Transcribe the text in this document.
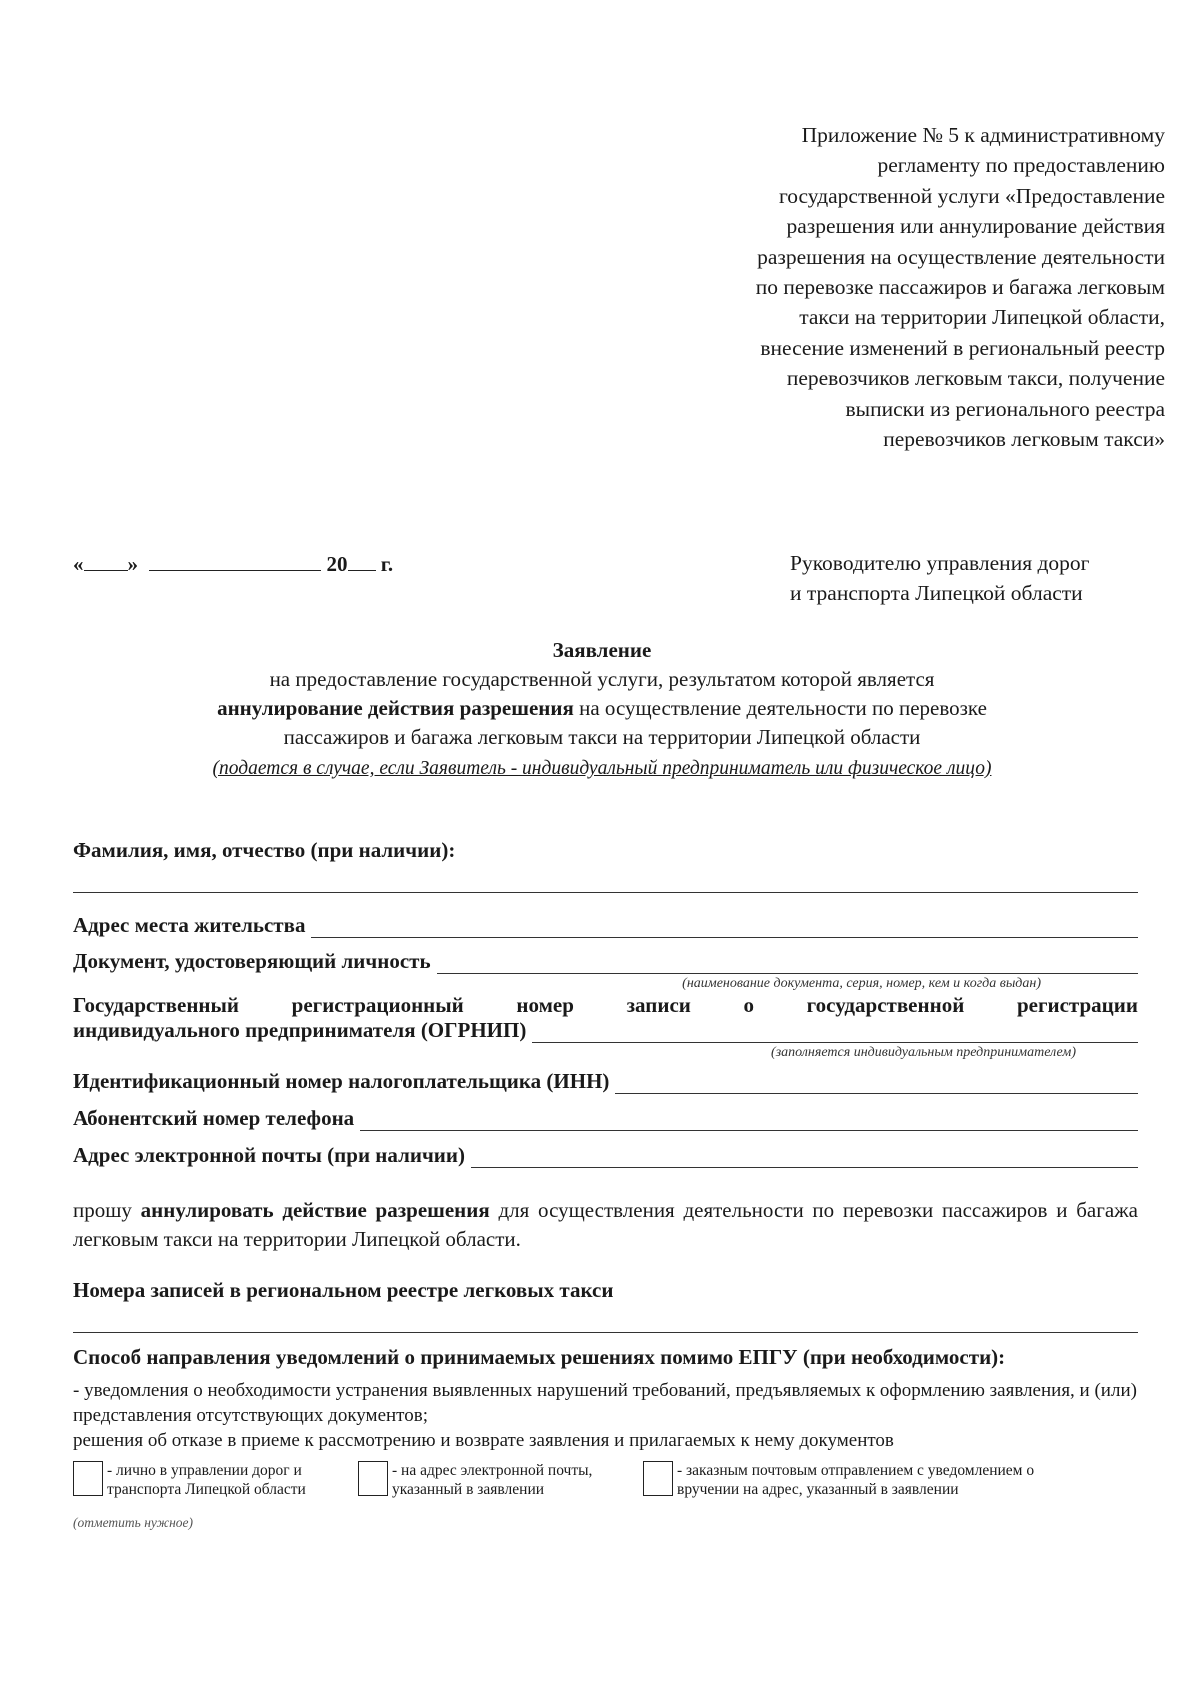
Приложение № 5 к административному
регламенту по предоставлению
государственной услуги «Предоставление
разрешения или аннулирование действия
разрешения на осуществление деятельности
по перевозке пассажиров и багажа легковым
такси на территории Липецкой области,
внесение изменений в региональный реестр
перевозчиков легковым такси, получение
выписки из регионального реестра
перевозчиков легковым такси»
« »	20 г.	Руководителю управления дорог
и транспорта Липецкой области
Заявление
на предоставление государственной услуги, результатом которой является
аннулирование действия разрешения на осуществление деятельности по перевозке
пассажиров и багажа легковым такси на территории Липецкой области
(подается в случае, если Заявитель - индивидуальный предприниматель или физическое лицо)
Фамилия, имя, отчество (при наличии):
Адрес места жительства
Документ, удостоверяющий личность
(наименование документа, серия, номер, кем и когда выдан)
Государственный	регистрационный	номер	записи	о	государственной	регистрации
индивидуального предпринимателя (ОГРНИП)
(заполняется индивидуальным предпринимателем)
Идентификационный номер налогоплательщика (ИНН)
Абонентский номер телефона
Адрес электронной почты (при наличии)
прошу аннулировать действие разрешения для осуществления деятельности по перевозки пассажиров и багажа легковым такси на территории Липецкой области.
Номера записей в региональном реестре легковых такси
Способ направления уведомлений о принимаемых решениях помимо ЕПГУ (при необходимости):
- уведомления о необходимости устранения выявленных нарушений требований, предъявляемых к оформлению заявления, и (или) представления отсутствующих документов;
решения об отказе в приеме к рассмотрению и возврате заявления и прилагаемых к нему документов
- лично в управлении дорог и
транспорта Липецкой области
- на адрес электронной почты,
указанный в заявлении
- заказным почтовым отправлением с уведомлением о
вручении на адрес, указанный в заявлении
(отметить нужное)
